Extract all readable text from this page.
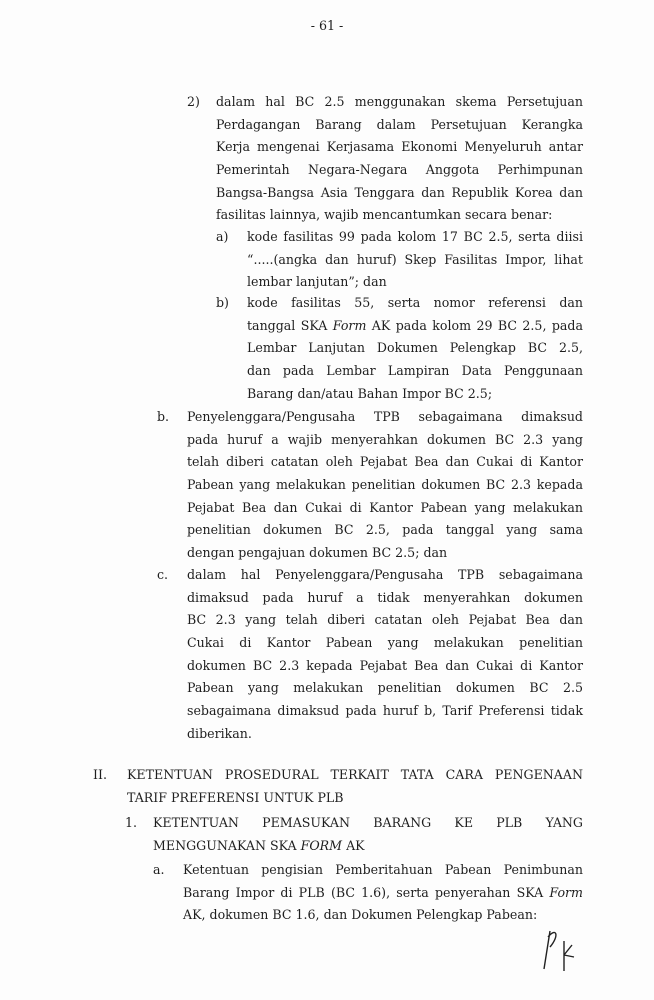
- 61 -
2) dalam hal BC 2.5 menggunakan skema Persetujuan
Perdagangan Barang dalam Persetujuan Kerangka
Kerja mengenai Kerjasama Ekonomi Menyeluruh antar
Pemerintah Negara-Negara Anggota Perhimpunan
Bangsa-Bangsa Asia Tenggara dan Republik Korea dan
fasilitas lainnya, wajib mencantumkan secara benar:
a) kode fasilitas 99 pada kolom 17 BC 2.5, serta diisi
“.....(angka dan huruf) Skep Fasilitas Impor, lihat
lembar lanjutan”; dan
b) kode fasilitas 55, serta nomor referensi dan
tanggal SKA Form AK pada kolom 29 BC 2.5, pada
Lembar Lanjutan Dokumen Pelengkap BC 2.5,
dan pada Lembar Lampiran Data Penggunaan
Barang dan/atau Bahan Impor BC 2.5;
b. Penyelenggara/Pengusaha TPB sebagaimana dimaksud
pada huruf a wajib menyerahkan dokumen BC 2.3 yang
telah diberi catatan oleh Pejabat Bea dan Cukai di Kantor
Pabean yang melakukan penelitian dokumen BC 2.3 kepada
Pejabat Bea dan Cukai di Kantor Pabean yang melakukan
penelitian dokumen BC 2.5, pada tanggal yang sama
dengan pengajuan dokumen BC 2.5; dan
c. dalam hal Penyelenggara/Pengusaha TPB sebagaimana
dimaksud pada huruf a tidak menyerahkan dokumen
BC 2.3 yang telah diberi catatan oleh Pejabat Bea dan
Cukai di Kantor Pabean yang melakukan penelitian
dokumen BC 2.3 kepada Pejabat Bea dan Cukai di Kantor
Pabean yang melakukan penelitian dokumen BC 2.5
sebagaimana dimaksud pada huruf b, Tarif Preferensi tidak
diberikan.
II. KETENTUAN PROSEDURAL TERKAIT TATA CARA PENGENAAN
TARIF PREFERENSI UNTUK PLB
1. KETENTUAN PEMASUKAN BARANG KE PLB YANG
MENGGUNAKAN SKA FORM AK
a. Ketentuan pengisian Pemberitahuan Pabean Penimbunan
Barang Impor di PLB (BC 1.6), serta penyerahan SKA Form
AK, dokumen BC 1.6, dan Dokumen Pelengkap Pabean:
